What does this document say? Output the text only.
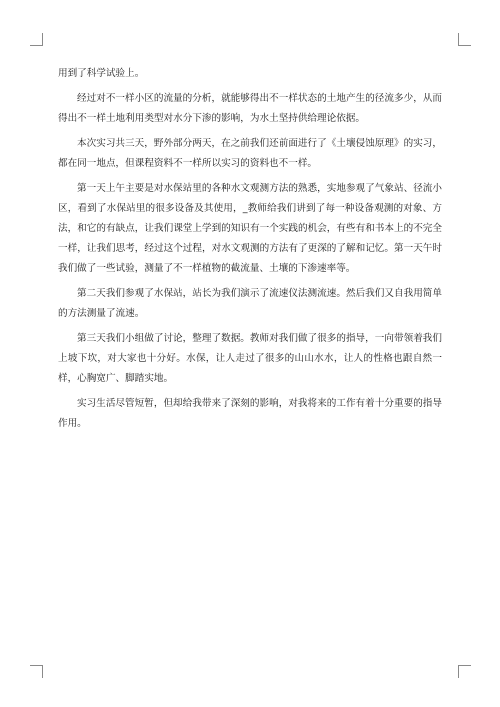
用到了科学试验上。

经过对不一样小区的流量的分析，就能够得出不一样状态的土地产生的径流多少，从而得出不一样土地利用类型对水分下渗的影响，为水土坚持供给理论依据。

本次实习共三天，野外部分两天，在之前我们还前面进行了《土壤侵蚀原理》的实习，都在同一地点，但课程资料不一样所以实习的资料也不一样。

第一天上午主要是对水保站里的各种水文观测方法的熟悉，实地参观了气象站、径流小区，看到了水保站里的很多设备及其使用，_教师给我们讲到了每一种设备观测的对象、方法，和它的有缺点，让我们课堂上学到的知识有一个实践的机会，有些有和书本上的不完全一样，让我们思考，经过这个过程，对水文观测的方法有了更深的了解和记忆。第一天午时我们做了一些试验，测量了不一样植物的截流量、土壤的下渗速率等。

第二天我们参观了水保站，站长为我们演示了流速仪法测流速。然后我们又自我用简单的方法测量了流速。

第三天我们小组做了讨论，整理了数据。教师对我们做了很多的指导，一向带领着我们上坡下坎，对大家也十分好。水保，让人走过了很多的山山水水，让人的性格也跟自然一样，心胸宽广、脚踏实地。

实习生活尽管短暂，但却给我带来了深刻的影响，对我将来的工作有着十分重要的指导作用。
